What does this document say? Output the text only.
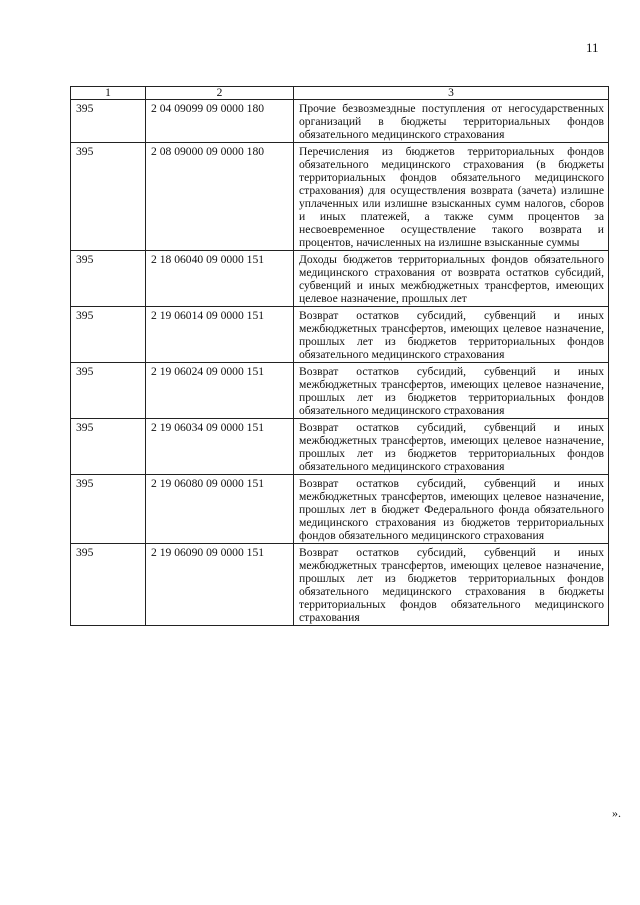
11
1	2	3
395	2 04 09099 09 0000 180	Прочие безвозмездные поступления от негосударственных организаций в бюджеты территориальных фондов обязательного медицинского страхования
395	2 08 09000 09 0000 180	Перечисления из бюджетов территориальных фондов обязательного медицинского страхования (в бюджеты территориальных фондов обязательного медицинского страхования) для осуществления возврата (зачета) излишне уплаченных или излишне взысканных сумм налогов, сборов и иных платежей, а также сумм процентов за несвоевременное осуществление такого возврата и процентов, начисленных на излишне взысканные суммы
395	2 18 06040 09 0000 151	Доходы бюджетов территориальных фондов обязательного медицинского страхования от возврата остатков субсидий, субвенций и иных межбюджетных трансфертов, имеющих целевое назначение, прошлых лет
395	2 19 06014 09 0000 151	Возврат остатков субсидий, субвенций и иных межбюджетных трансфертов, имеющих целевое назначение, прошлых лет из бюджетов территориальных фондов обязательного медицинского страхования
395	2 19 06024 09 0000 151	Возврат остатков субсидий, субвенций и иных межбюджетных трансфертов, имеющих целевое назначение, прошлых лет из бюджетов территориальных фондов обязательного медицинского страхования
395	2 19 06034 09 0000 151	Возврат остатков субсидий, субвенций и иных межбюджетных трансфертов, имеющих целевое назначение, прошлых лет из бюджетов территориальных фондов обязательного медицинского страхования
395	2 19 06080 09 0000 151	Возврат остатков субсидий, субвенций и иных межбюджетных трансфертов, имеющих целевое назначение, прошлых лет в бюджет Федерального фонда обязательного медицинского страхования из бюджетов территориальных фондов обязательного медицинского страхования
395	2 19 06090 09 0000 151	Возврат остатков субсидий, субвенций и иных межбюджетных трансфертов, имеющих целевое назначение, прошлых лет из бюджетов территориальных фондов обязательного медицинского страхования в бюджеты территориальных фондов обязательного медицинского страхования
».
